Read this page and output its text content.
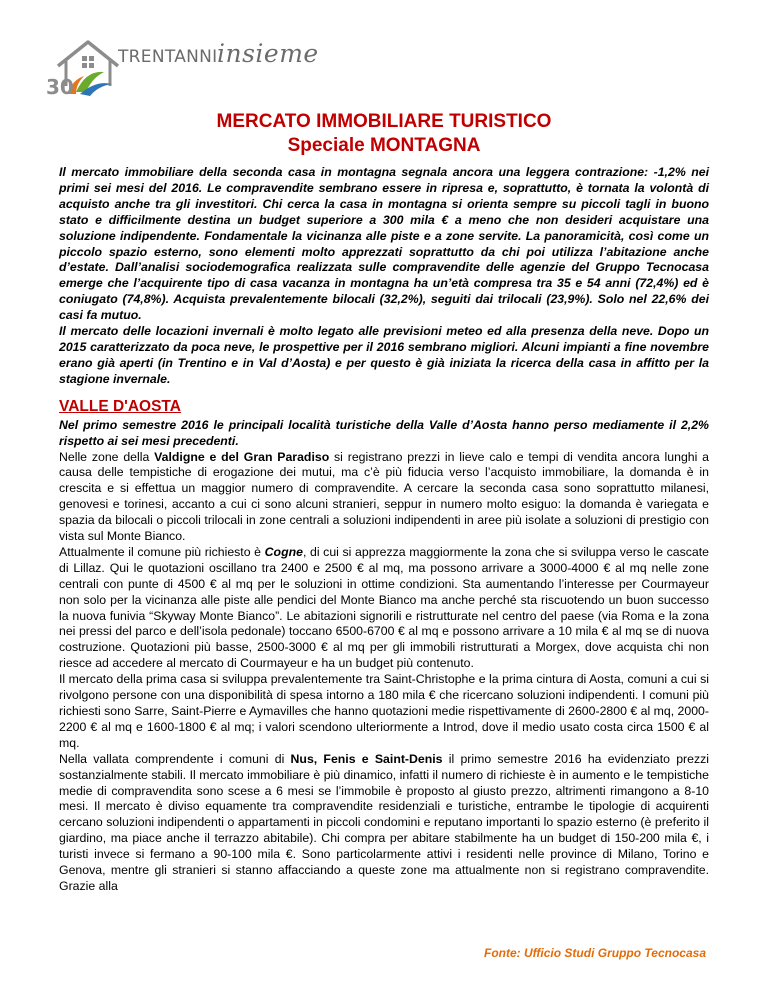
30
TRENTANNI insieme
MERCATO IMMOBILIARE TURISTICO
Speciale MONTAGNA

Il mercato immobiliare della seconda casa in montagna segnala ancora una leggera contrazione: -1,2% nei primi sei mesi del 2016. Le compravendite sembrano essere in ripresa e, soprattutto, è tornata la volontà di acquisto anche tra gli investitori. Chi cerca la casa in montagna si orienta sempre su piccoli tagli in buono stato e difficilmente destina un budget superiore a 300 mila € a meno che non desideri acquistare una soluzione indipendente. Fondamentale la vicinanza alle piste e a zone servite. La panoramicità, così come un piccolo spazio esterno, sono elementi molto apprezzati soprattutto da chi poi utilizza l’abitazione anche d’estate. Dall’analisi sociodemografica realizzata sulle compravendite delle agenzie del Gruppo Tecnocasa emerge che l’acquirente tipo di casa vacanza in montagna ha un’età compresa tra 35 e 54 anni (72,4%) ed è coniugato (74,8%). Acquista prevalentemente bilocali (32,2%), seguiti dai trilocali (23,9%). Solo nel 22,6% dei casi fa mutuo.

Il mercato delle locazioni invernali è molto legato alle previsioni meteo ed alla presenza della neve. Dopo un 2015 caratterizzato da poca neve, le prospettive per il 2016 sembrano migliori. Alcuni impianti a fine novembre erano già aperti (in Trentino e in Val d’Aosta) e per questo è già iniziata la ricerca della casa in affitto per la stagione invernale.

VALLE D'AOSTA

Nel primo semestre 2016 le principali località turistiche della Valle d’Aosta hanno perso mediamente il 2,2% rispetto ai sei mesi precedenti.

Nelle zone della Valdigne e del Gran Paradiso si registrano prezzi in lieve calo e tempi di vendita ancora lunghi a causa delle tempistiche di erogazione dei mutui, ma c’è più fiducia verso l’acquisto immobiliare, la domanda è in crescita e si effettua un maggior numero di compravendite. A cercare la seconda casa sono soprattutto milanesi, genovesi e torinesi, accanto a cui ci sono alcuni stranieri, seppur in numero molto esiguo: la domanda è variegata e spazia da bilocali o piccoli trilocali in zone centrali a soluzioni indipendenti in aree più isolate a soluzioni di prestigio con vista sul Monte Bianco.

Attualmente il comune più richiesto è Cogne, di cui si apprezza maggiormente la zona che si sviluppa verso le cascate di Lillaz. Qui le quotazioni oscillano tra 2400 e 2500 € al mq, ma possono arrivare a 3000-4000 € al mq nelle zone centrali con punte di 4500 € al mq per le soluzioni in ottime condizioni. Sta aumentando l’interesse per Courmayeur non solo per la vicinanza alle piste alle pendici del Monte Bianco ma anche perché sta riscuotendo un buon successo la nuova funivia “Skyway Monte Bianco”. Le abitazioni signorili e ristrutturate nel centro del paese (via Roma e la zona nei pressi del parco e dell’isola pedonale) toccano 6500-6700 € al mq e possono arrivare a 10 mila € al mq se di nuova costruzione. Quotazioni più basse, 2500-3000 € al mq per gli immobili ristrutturati a Morgex, dove acquista chi non riesce ad accedere al mercato di Courmayeur e ha un budget più contenuto.

Il mercato della prima casa si sviluppa prevalentemente tra Saint-Christophe e la prima cintura di Aosta, comuni a cui si rivolgono persone con una disponibilità di spesa intorno a 180 mila € che ricercano soluzioni indipendenti. I comuni più richiesti sono Sarre, Saint-Pierre e Aymavilles che hanno quotazioni medie rispettivamente di 2600-2800 € al mq, 2000-2200 € al mq e 1600-1800 € al mq; i valori scendono ulteriormente a Introd, dove il medio usato costa circa 1500 € al mq.

Nella vallata comprendente i comuni di Nus, Fenis e Saint-Denis il primo semestre 2016 ha evidenziato prezzi sostanzialmente stabili. Il mercato immobiliare è più dinamico, infatti il numero di richieste è in aumento e le tempistiche medie di compravendita sono scese a 6 mesi se l’immobile è proposto al giusto prezzo, altrimenti rimangono a 8-10 mesi. Il mercato è diviso equamente tra compravendite residenziali e turistiche, entrambe le tipologie di acquirenti cercano soluzioni indipendenti o appartamenti in piccoli condomini e reputano importanti lo spazio esterno (è preferito il giardino, ma piace anche il terrazzo abitabile). Chi compra per abitare stabilmente ha un budget di 150-200 mila €, i turisti invece si fermano a 90-100 mila €. Sono particolarmente attivi i residenti nelle province di Milano, Torino e Genova, mentre gli stranieri si stanno affacciando a queste zone ma attualmente non si registrano compravendite. Grazie alla

Fonte: Ufficio Studi Gruppo Tecnocasa
